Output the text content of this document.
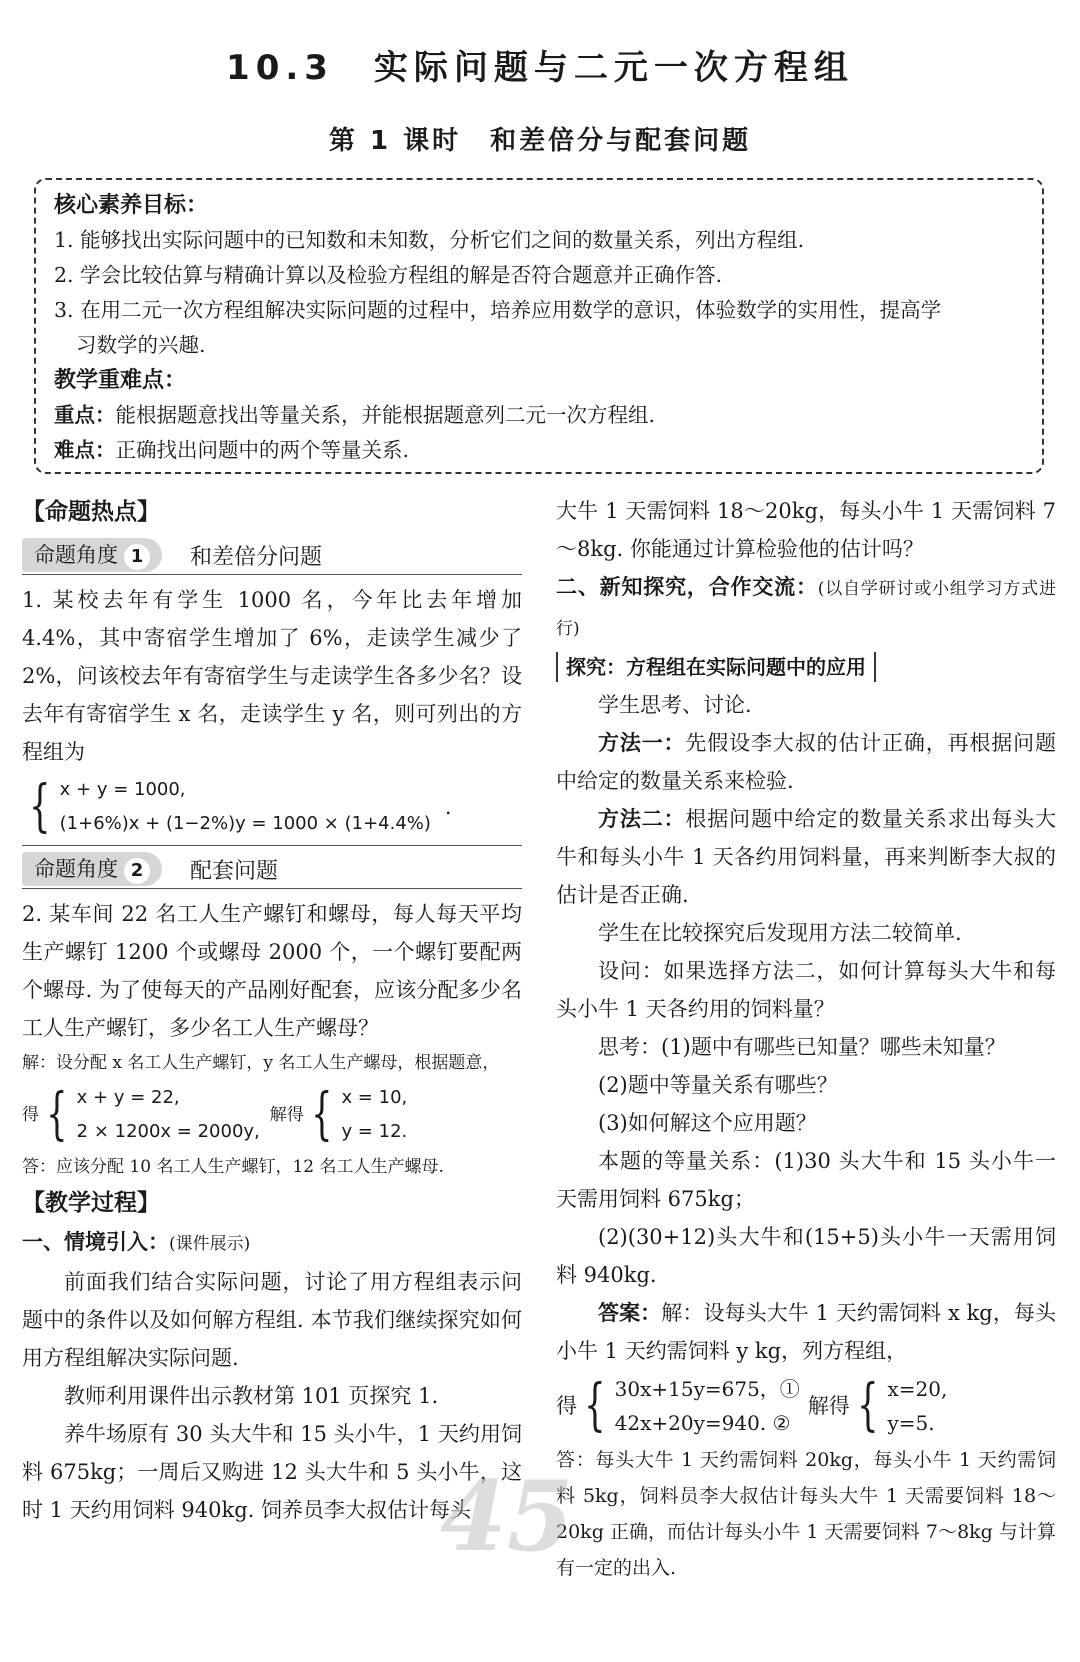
10.3　实际问题与二元一次方程组
第 1 课时　和差倍分与配套问题
核心素养目标：
1. 能够找出实际问题中的已知数和未知数，分析它们之间的数量关系，列出方程组.
2. 学会比较估算与精确计算以及检验方程组的解是否符合题意并正确作答.
3. 在用二元一次方程组解决实际问题的过程中，培养应用数学的意识，体验数学的实用性，提高学
习数学的兴趣.
教学重难点：
重点：能根据题意找出等量关系，并能根据题意列二元一次方程组.
难点：正确找出问题中的两个等量关系.
【命题热点】
命题角度 1	和差倍分问题
1. 某校去年有学生 1000 名，今年比去年增加 4.4%，其中寄宿学生增加了 6%，走读学生减少了 2%，问该校去年有寄宿学生与走读学生各多少名？设去年有寄宿学生 x 名，走读学生 y 名，则可列出的方程组为
{ x + y = 1000,
(1+6%)x + (1−2%)y = 1000 × (1+4.4%)
.
命题角度 2	配套问题
2. 某车间 22 名工人生产螺钉和螺母，每人每天平均生产螺钉 1200 个或螺母 2000 个，一个螺钉要配两个螺母. 为了使每天的产品刚好配套，应该分配多少名工人生产螺钉，多少名工人生产螺母？
解：设分配 x 名工人生产螺钉，y 名工人生产螺母，根据题意，
得 { x + y = 22,
2 × 1200x = 2000y,
解得 { x = 10,
y = 12.
答：应该分配 10 名工人生产螺钉，12 名工人生产螺母.
【教学过程】
一、情境引入：(课件展示)
前面我们结合实际问题，讨论了用方程组表示问题中的条件以及如何解方程组. 本节我们继续探究如何用方程组解决实际问题.
教师利用课件出示教材第 101 页探究 1.
养牛场原有 30 头大牛和 15 头小牛，1 天约用饲料 675kg；一周后又购进 12 头大牛和 5 头小牛，这时 1 天约用饲料 940kg. 饲养员李大叔估计每头
大牛 1 天需饲料 18～20kg，每头小牛 1 天需饲料 7～8kg. 你能通过计算检验他的估计吗？
二、新知探究，合作交流：(以自学研讨或小组学习方式进行)
探究：方程组在实际问题中的应用
学生思考、讨论.
方法一：先假设李大叔的估计正确，再根据问题中给定的数量关系来检验.
方法二：根据问题中给定的数量关系求出每头大牛和每头小牛 1 天各约用饲料量，再来判断李大叔的估计是否正确.
学生在比较探究后发现用方法二较简单.
设问：如果选择方法二，如何计算每头大牛和每头小牛 1 天各约用的饲料量？
思考：(1)题中有哪些已知量？哪些未知量？
(2)题中等量关系有哪些？
(3)如何解这个应用题？
本题的等量关系：(1)30 头大牛和 15 头小牛一天需用饲料 675kg；
(2)(30+12)头大牛和(15+5)头小牛一天需用饲料 940kg.
答案：解：设每头大牛 1 天约需饲料 x kg，每头小牛 1 天约需饲料 y kg，列方程组，
得 { 30x+15y=675，①
42x+20y=940. ②
解得 { x=20,
y=5.
答：每头大牛 1 天约需饲料 20kg，每头小牛 1 天约需饲料 5kg，饲料员李大叔估计每头大牛 1 天需要饲料 18～20kg 正确，而估计每头小牛 1 天需要饲料 7～8kg 与计算有一定的出入.
45
